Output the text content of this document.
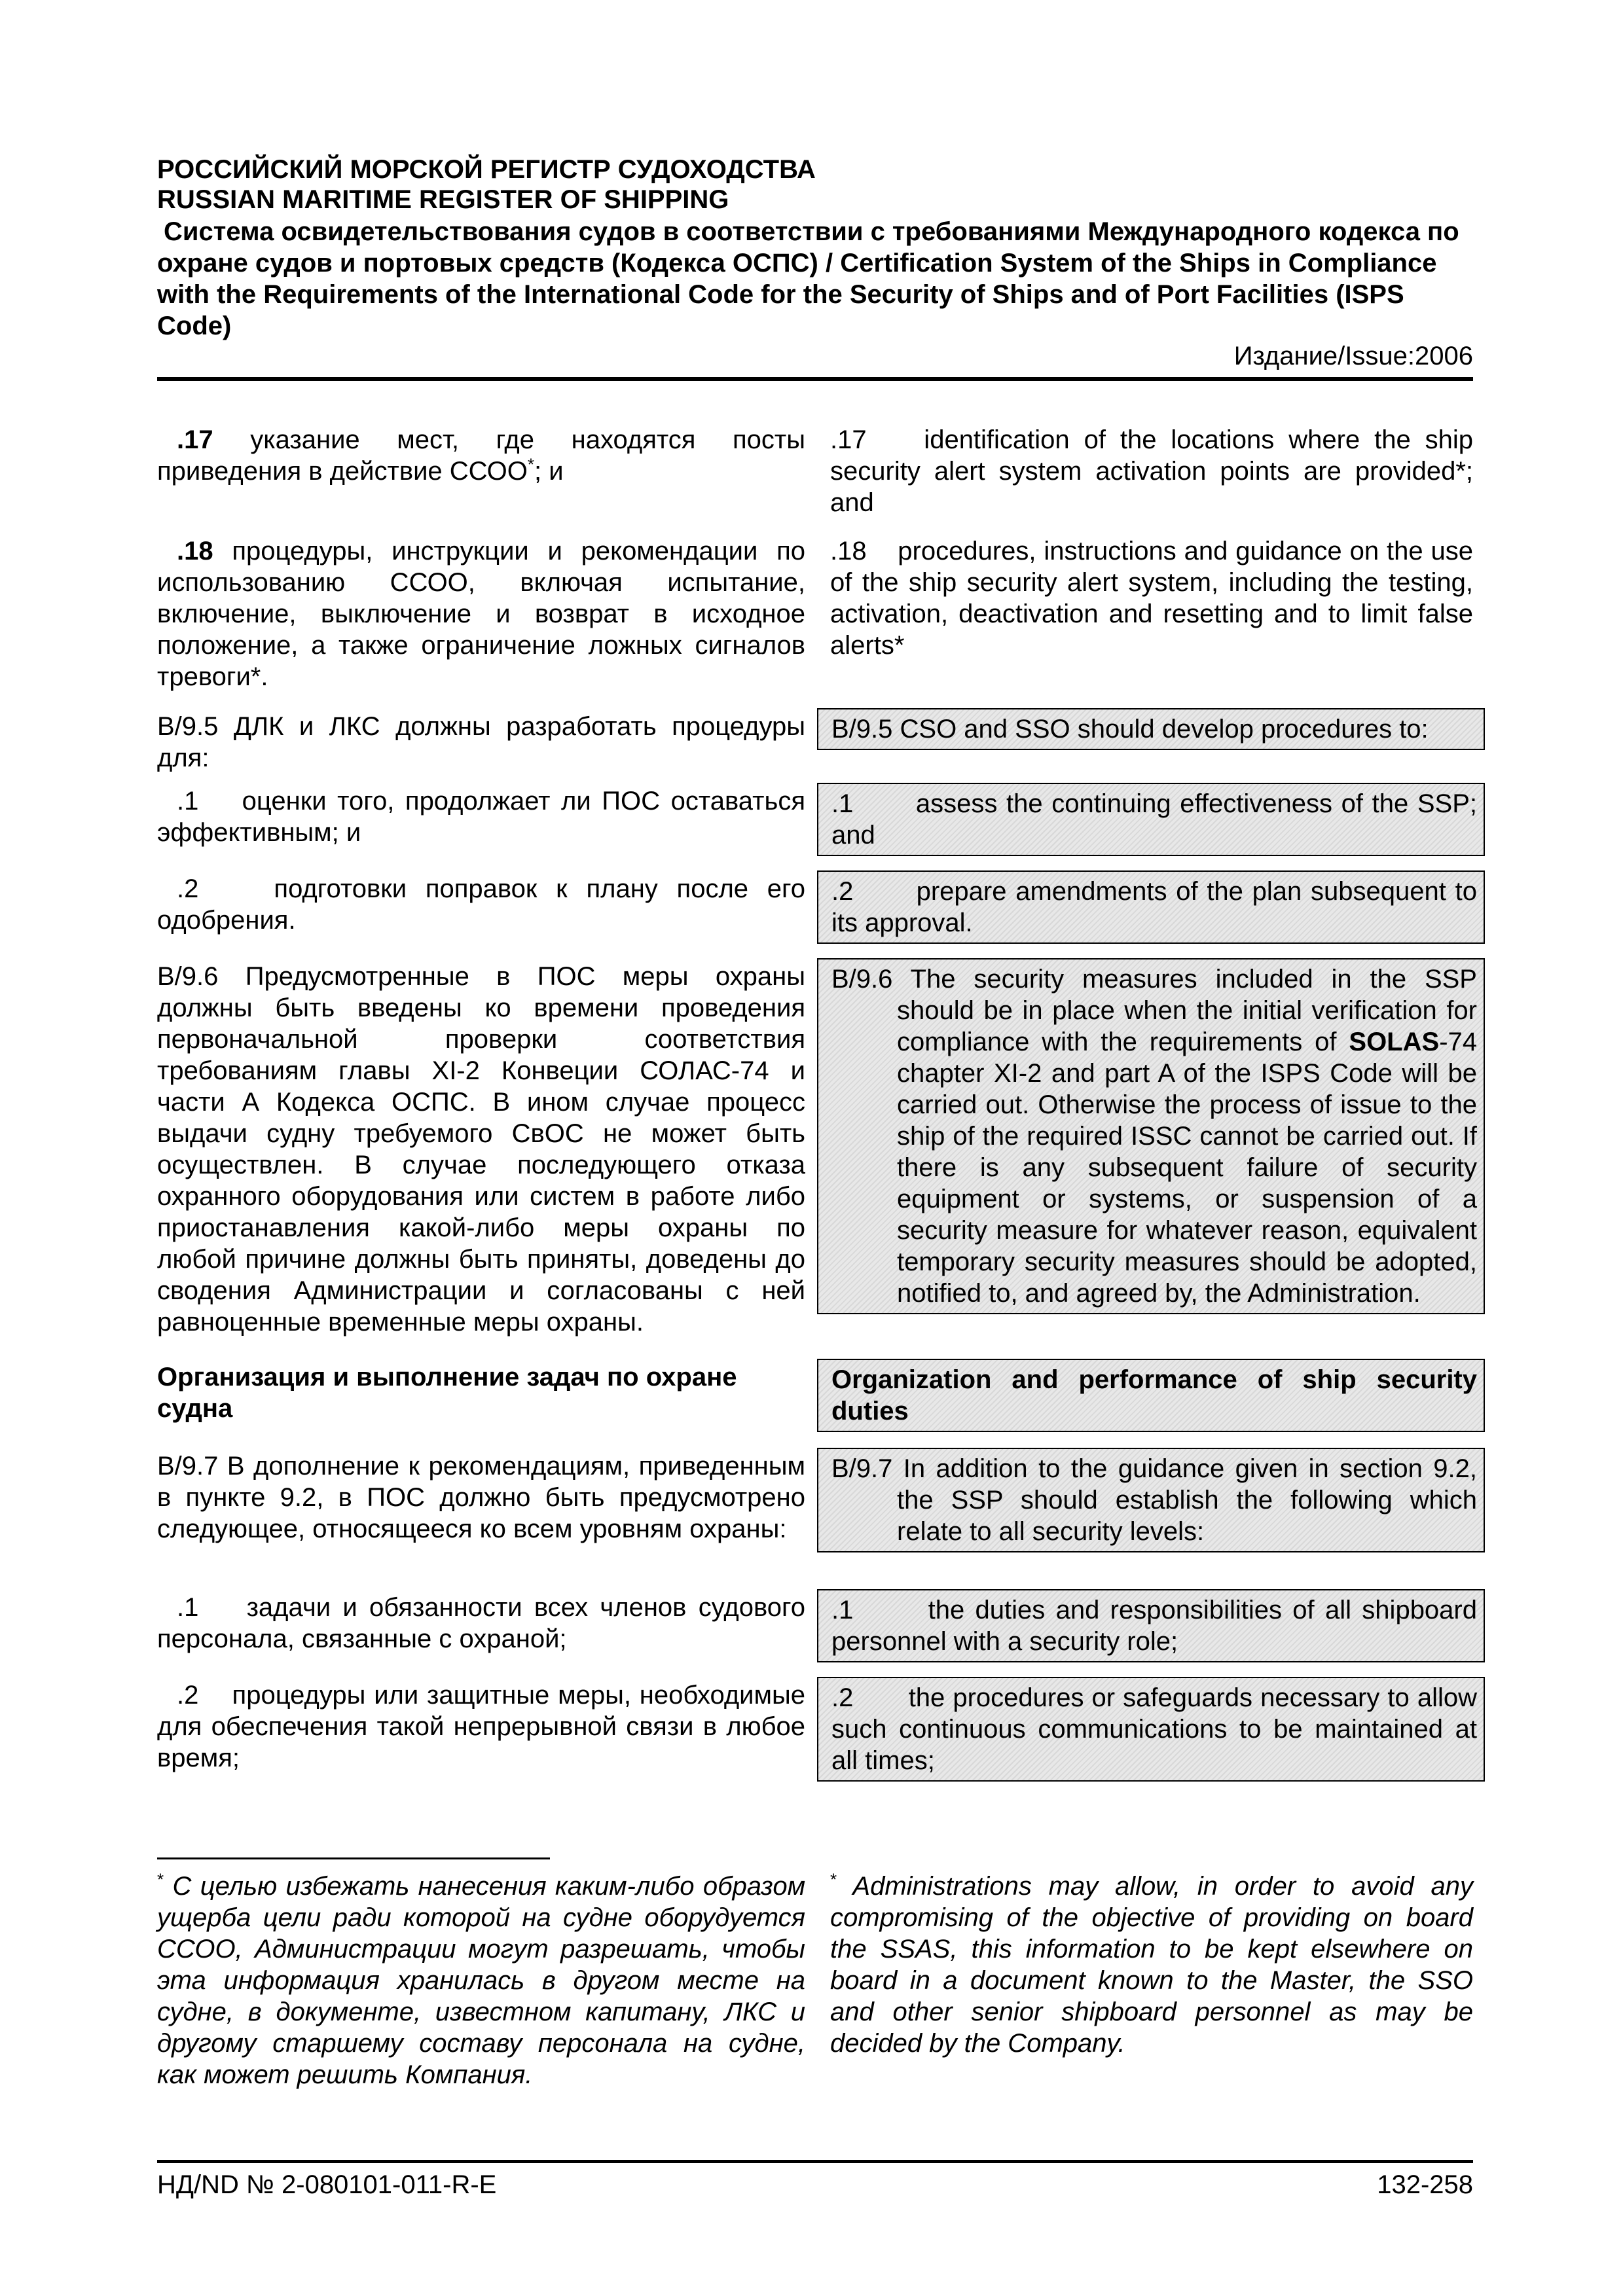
РОССИЙСКИЙ МОРСКОЙ РЕГИСТР СУДОХОДСТВА
RUSSIAN MARITIME REGISTER OF SHIPPING
Система освидетельствования судов в соответствии с требованиями Международного кодекса по охране судов и портовых средств (Кодекса ОСПС) / Certification System of the Ships in Compliance with the Requirements of the International Code for the Security of Ships and of Port Facilities (ISPS Code)
Издание/Issue:2006
.17 указание мест, где находятся посты приведения в действие ССОО*; и
.18 процедуры, инструкции и рекомендации по использованию ССОО, включая испытание, включение, выключение и возврат в исходное положение, а также ограничение ложных сигналов тревоги*.
В/9.5 ДЛК и ЛКС должны разработать процедуры для:
.1    оценки того, продолжает ли ПОС оставаться эффективным; и
.2    подготовки поправок к плану после его одобрения.
В/9.6 Предусмотренные в ПОС меры охраны должны быть введены ко времени проведения первоначальной проверки соответствия требованиям главы XI-2 Конвеции СОЛАС-74 и части А Кодекса ОСПС. В ином случае процесс выдачи судну требуемого СвОС не может быть осуществлен. В случае последующего отказа охранного оборудования или систем в работе либо приостанавления какой-либо меры охраны по любой причине должны быть приняты, доведены до сводения Администрации и согласованы с ней равноценные временные меры охраны.
Организация и выполнение задач по охране судна
В/9.7 В дополнение к рекомендациям, приведенным в пункте 9.2, в ПОС должно быть предусмотрено следующее, относящееся ко всем уровням охраны:
.1    задачи и обязанности всех членов судового персонала, связанные с охраной;
.2    процедуры или защитные меры, необходимые для обеспечения такой непрерывной связи в любое время;
.17    identification of the locations where the ship security alert system activation points are provided*; and
.18    procedures, instructions and guidance on the use of the ship security alert system, including the testing, activation, deactivation and resetting and to limit false alerts*
B/9.5 CSO and SSO should develop procedures to:
.1       assess the continuing effectiveness of the SSP; and
.2       prepare amendments of the plan subsequent to its approval.
B/9.6 The security measures included in the SSP should be in place when the initial verification for compliance with the requirements of SOLAS-74 chapter XI-2 and part A of the ISPS Code will be carried out. Otherwise the process of issue to the ship of the required ISSC cannot be carried out. If there is any subsequent failure of security equipment or systems, or suspension of a security measure for whatever reason, equivalent temporary security measures should be adopted, notified to, and agreed by, the Administration.
Organization and performance of ship security duties
B/9.7 In addition to the guidance given in section 9.2, the SSP should establish the following which relate to all security levels:
.1       the duties and responsibilities of all shipboard personnel with a security role;
.2       the procedures or safeguards necessary to allow such continuous communications to be maintained at all times;
* С целью избежать нанесения каким-либо образом ущерба цели ради которой на судне оборудуется ССОО, Администрации могут разрешать, чтобы эта информация хранилась в другом месте на судне, в документе, известном капитану, ЛКС и другому старшему составу персонала на судне, как может решить Компания.
* Administrations may allow, in order to avoid any compromising of the objective of providing on board the SSAS, this information to be kept elsewhere on board in a document known to the Master, the SSO and other senior shipboard personnel as may be decided by the Company.
НД/ND № 2-080101-011-R-E	132-258
